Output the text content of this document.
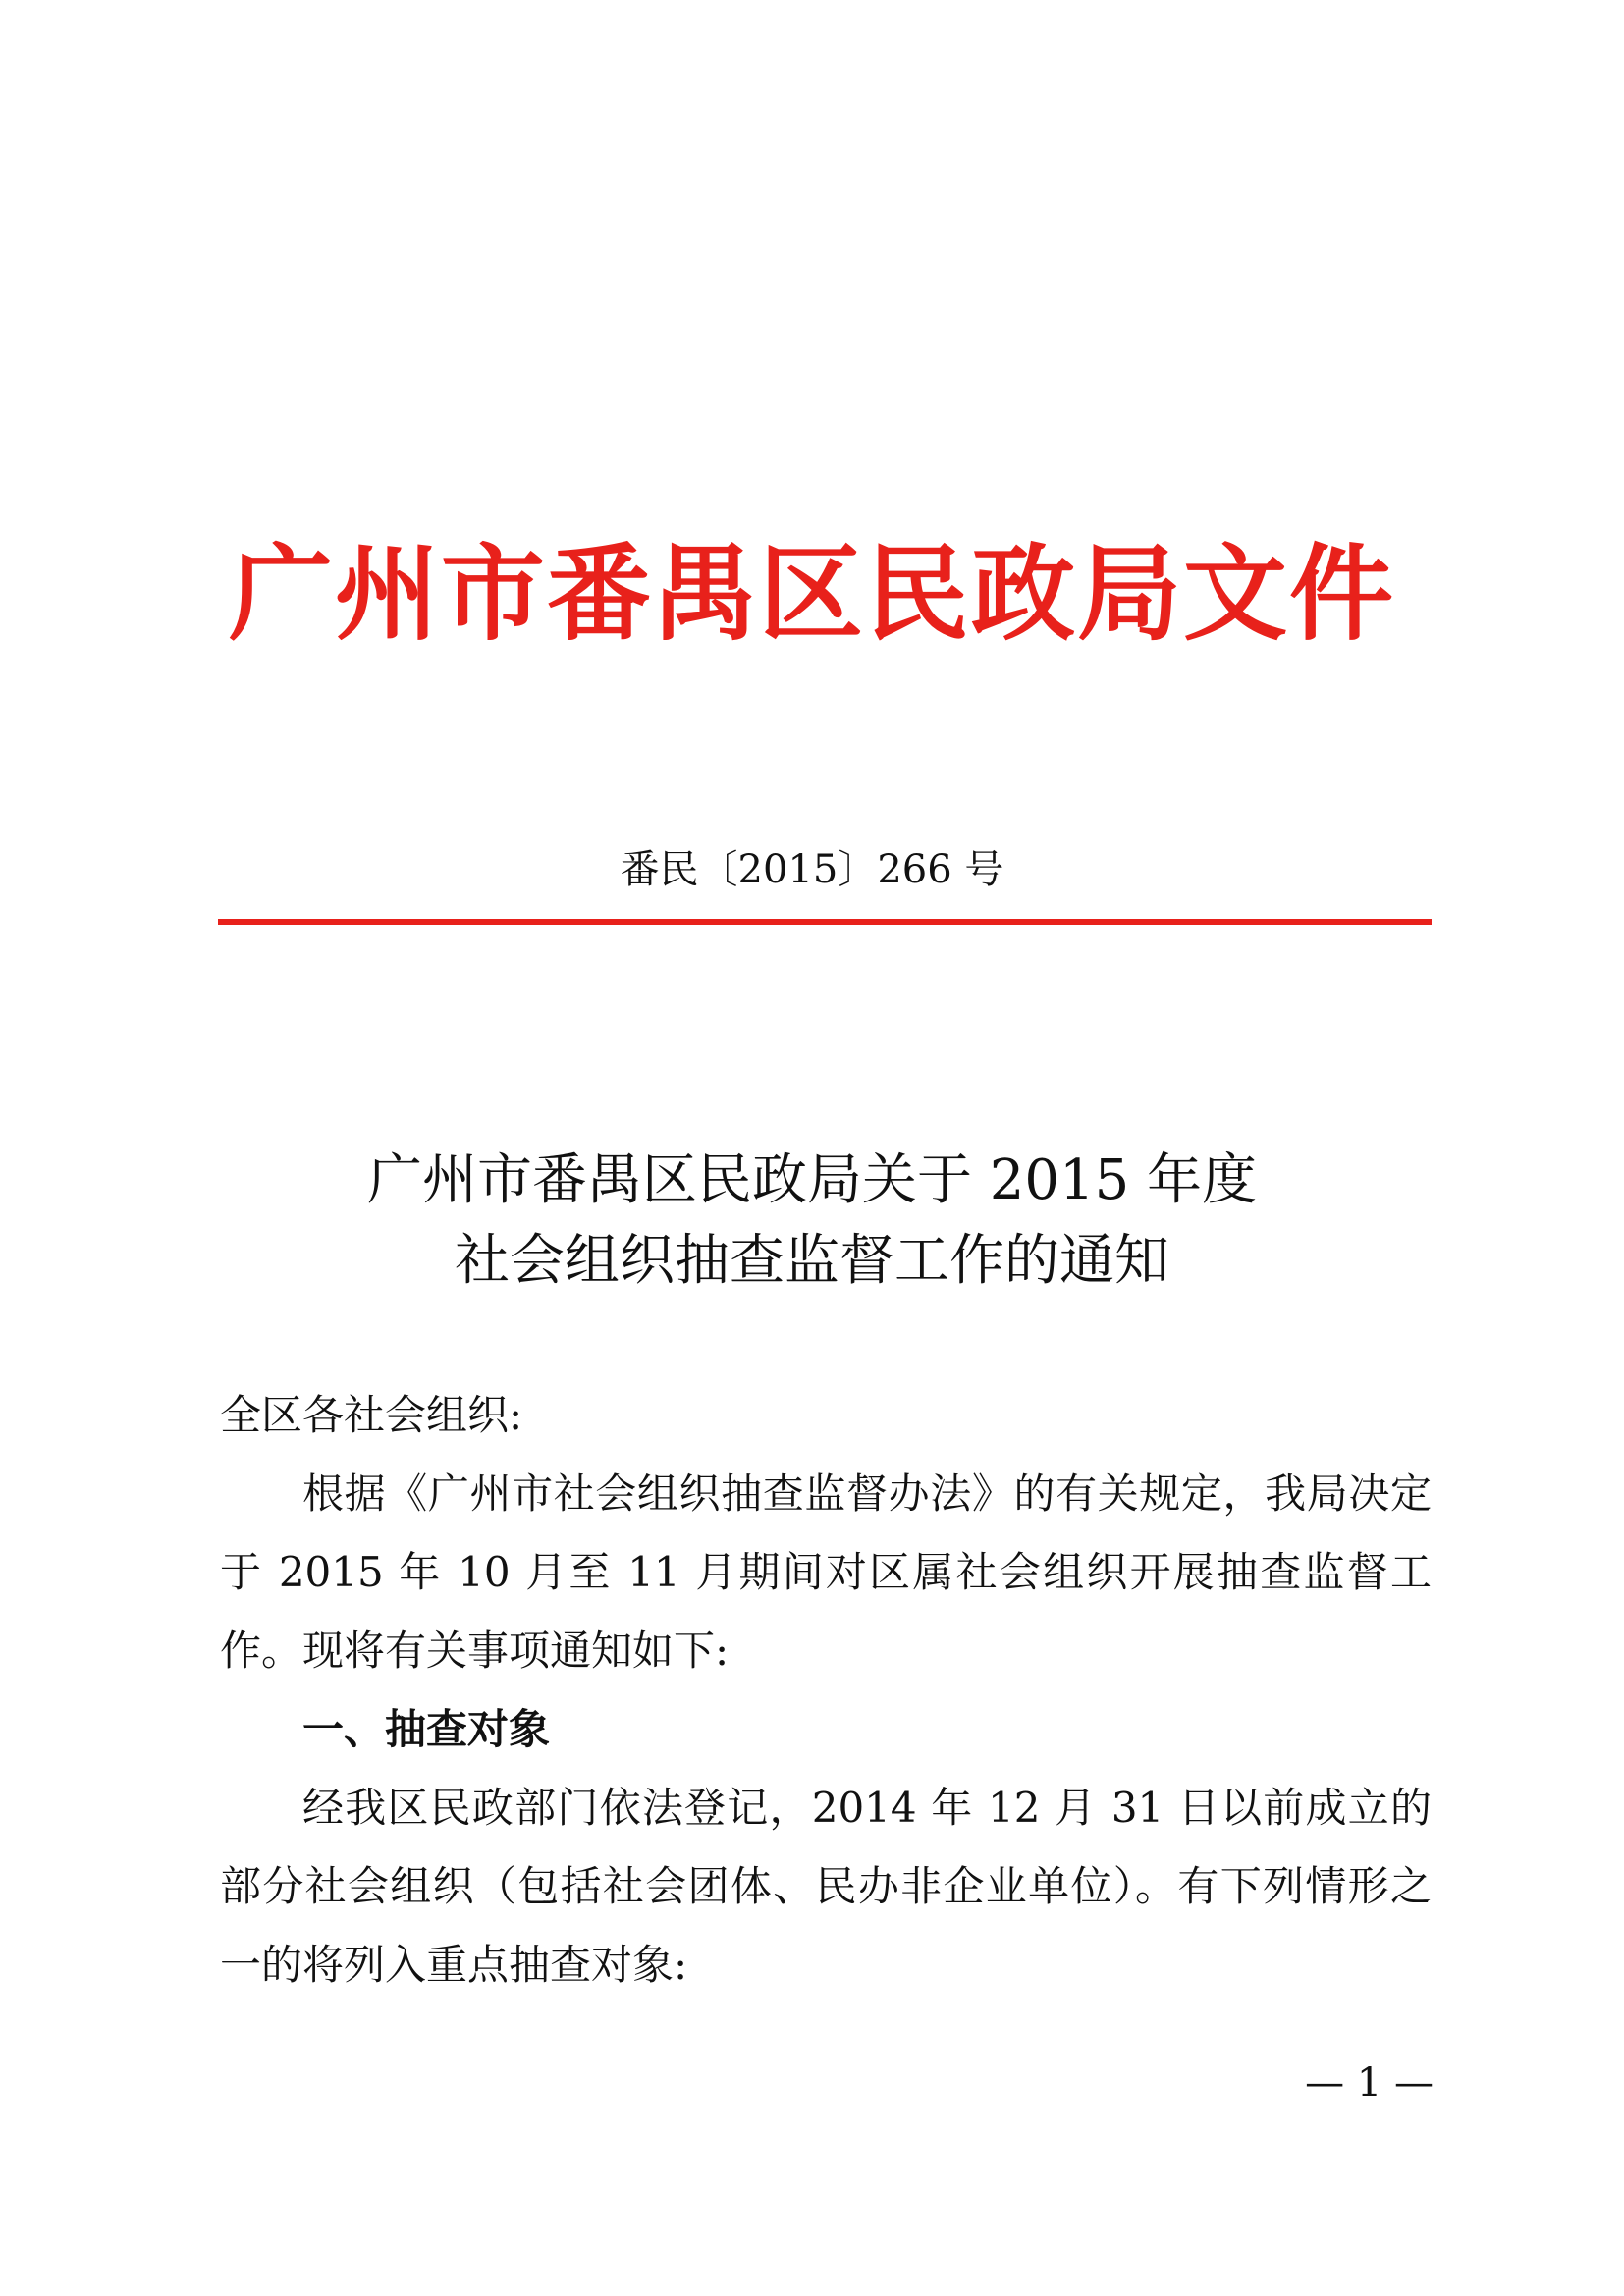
广州市番禺区民政局文件
番民〔2015〕266 号
广州市番禺区民政局关于 2015 年度
社会组织抽查监督工作的通知

全区各社会组织:

根据《广州市社会组织抽查监督办法》的有关规定，我局决定于 2015 年 10 月至 11 月期间对区属社会组织开展抽查监督工作。现将有关事项通知如下:

一、抽查对象

经我区民政部门依法登记，2014 年 12 月 31 日以前成立的部分社会组织（包括社会团体、民办非企业单位）。有下列情形之一的将列入重点抽查对象:

— 1 —
